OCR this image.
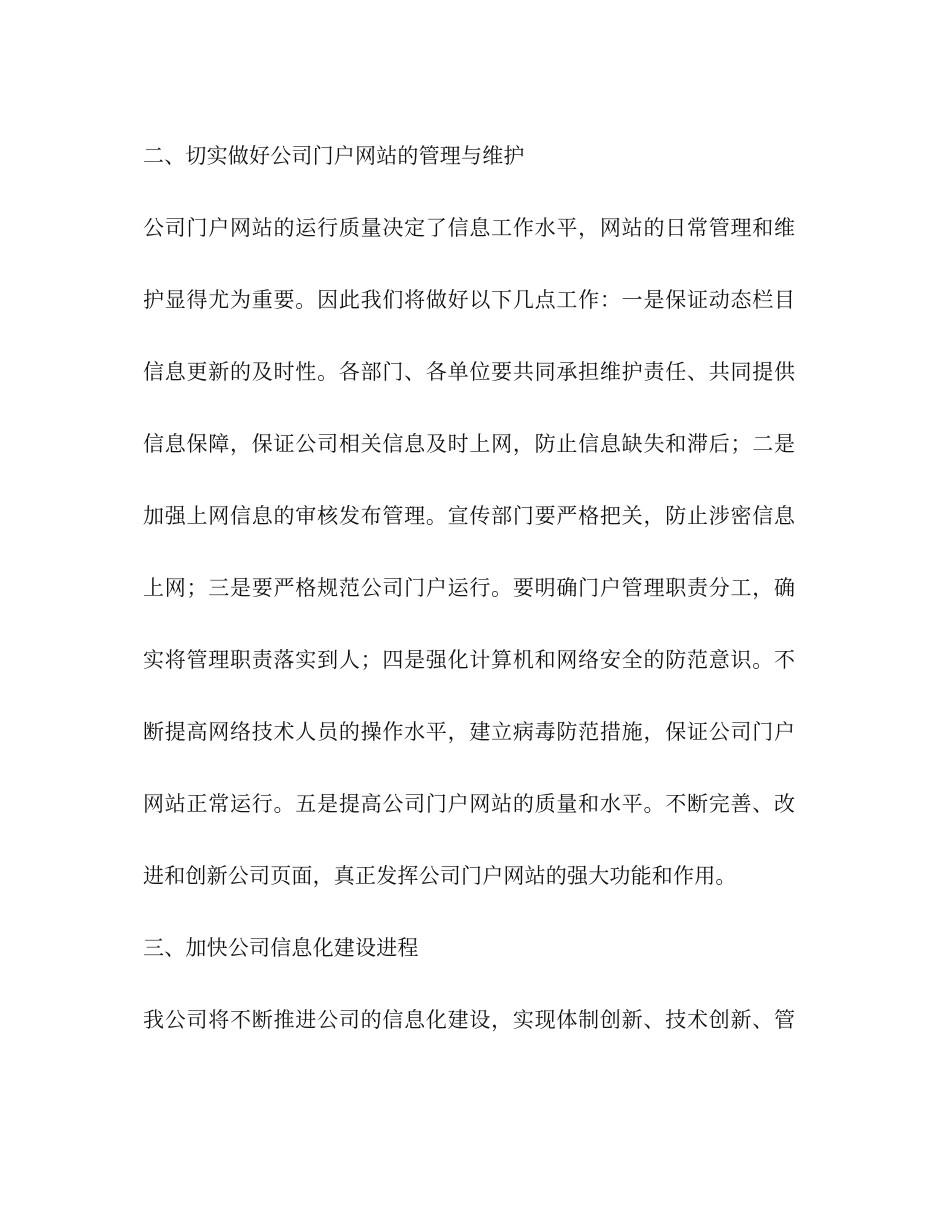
二、切实做好公司门户网站的管理与维护
公司门户网站的运行质量决定了信息工作水平，网站的日常管理和维
护显得尤为重要。因此我们将做好以下几点工作：一是保证动态栏目
信息更新的及时性。各部门、各单位要共同承担维护责任、共同提供
信息保障，保证公司相关信息及时上网，防止信息缺失和滞后；二是
加强上网信息的审核发布管理。宣传部门要严格把关，防止涉密信息
上网；三是要严格规范公司门户运行。要明确门户管理职责分工，确
实将管理职责落实到人；四是强化计算机和网络安全的防范意识。不
断提高网络技术人员的操作水平，建立病毒防范措施，保证公司门户
网站正常运行。五是提高公司门户网站的质量和水平。不断完善、改
进和创新公司页面，真正发挥公司门户网站的强大功能和作用。
三、加快公司信息化建设进程
我公司将不断推进公司的信息化建设，实现体制创新、技术创新、管
